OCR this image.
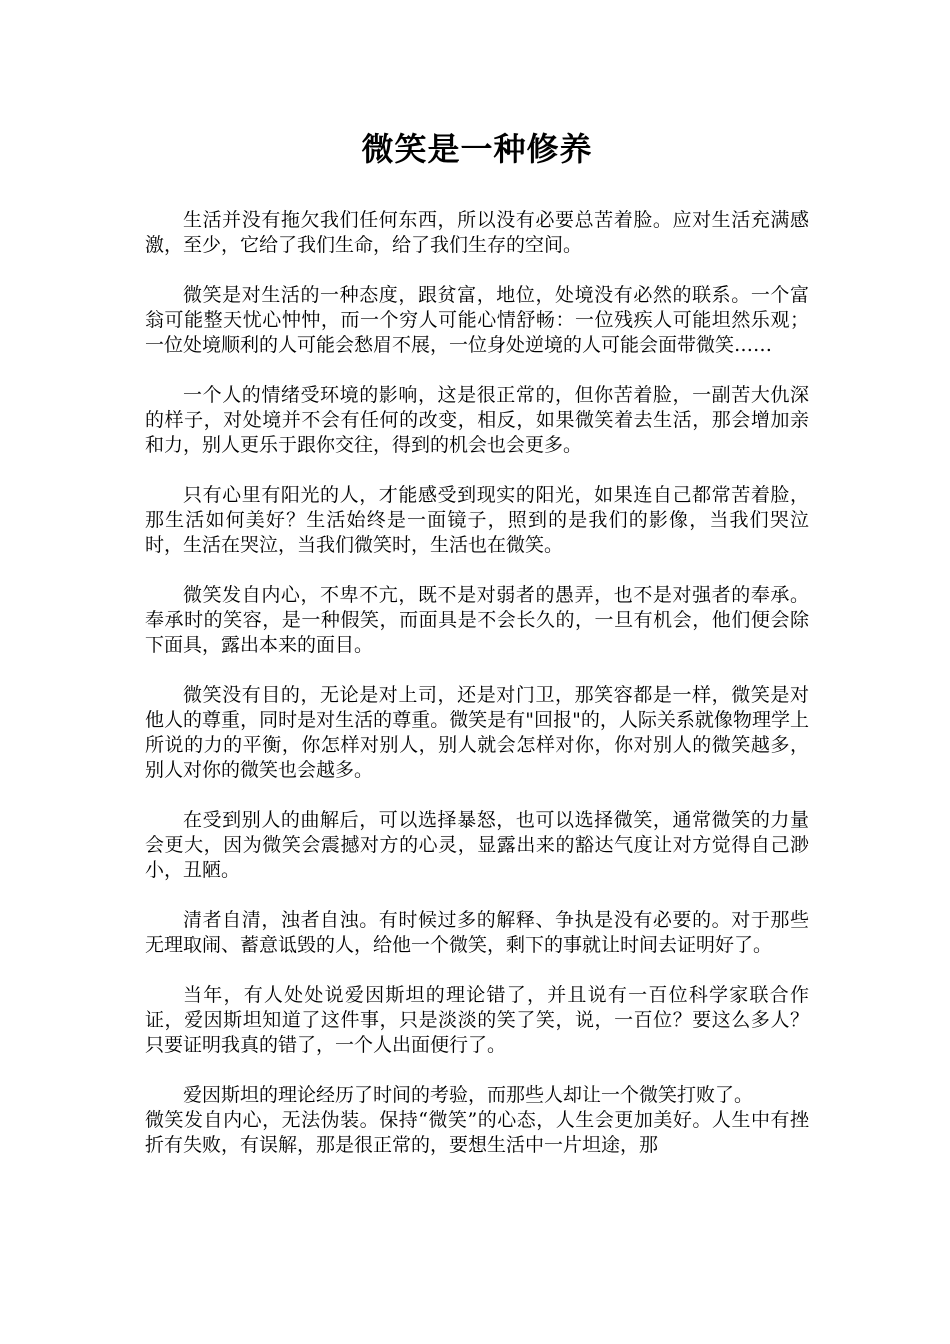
微笑是一种修养

生活并没有拖欠我们任何东西，所以没有必要总苦着脸。应对生活充满感激，至少，它给了我们生命，给了我们生存的空间。

微笑是对生活的一种态度，跟贫富，地位，处境没有必然的联系。一个富翁可能整天忧心忡忡，而一个穷人可能心情舒畅：一位残疾人可能坦然乐观；一位处境顺利的人可能会愁眉不展，一位身处逆境的人可能会面带微笑……

一个人的情绪受环境的影响，这是很正常的，但你苦着脸，一副苦大仇深的样子，对处境并不会有任何的改变，相反，如果微笑着去生活，那会增加亲和力，别人更乐于跟你交往，得到的机会也会更多。

只有心里有阳光的人，才能感受到现实的阳光，如果连自己都常苦着脸，那生活如何美好？生活始终是一面镜子，照到的是我们的影像，当我们哭泣时，生活在哭泣，当我们微笑时，生活也在微笑。

微笑发自内心，不卑不亢，既不是对弱者的愚弄，也不是对强者的奉承。奉承时的笑容，是一种假笑，而面具是不会长久的，一旦有机会，他们便会除下面具，露出本来的面目。

微笑没有目的，无论是对上司，还是对门卫，那笑容都是一样，微笑是对他人的尊重，同时是对生活的尊重。微笑是有"回报"的，人际关系就像物理学上所说的力的平衡，你怎样对别人，别人就会怎样对你，你对别人的微笑越多，别人对你的微笑也会越多。

在受到别人的曲解后，可以选择暴怒，也可以选择微笑，通常微笑的力量会更大，因为微笑会震撼对方的心灵，显露出来的豁达气度让对方觉得自己渺小，丑陋。

清者自清，浊者自浊。有时候过多的解释、争执是没有必要的。对于那些无理取闹、蓄意诋毁的人，给他一个微笑，剩下的事就让时间去证明好了。

当年，有人处处说爱因斯坦的理论错了，并且说有一百位科学家联合作证，爱因斯坦知道了这件事，只是淡淡的笑了笑，说，一百位？要这么多人？只要证明我真的错了，一个人出面便行了。

爱因斯坦的理论经历了时间的考验，而那些人却让一个微笑打败了。

微笑发自内心，无法伪装。保持“微笑”的心态，人生会更加美好。人生中有挫折有失败，有误解，那是很正常的，要想生活中一片坦途，那
